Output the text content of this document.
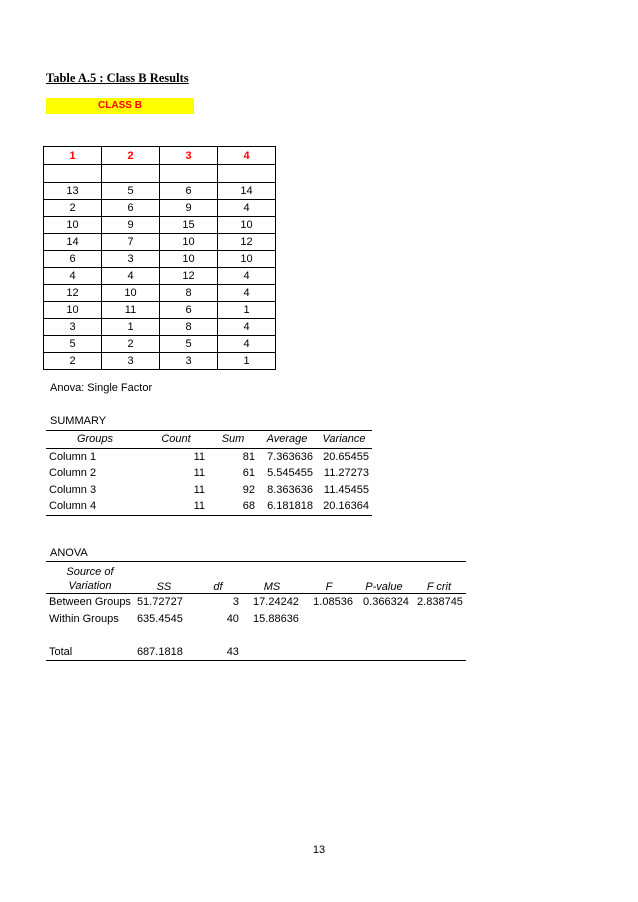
Table A.5 : Class B Results
CLASS B
1	2	3	4

13	5	6	14
2	6	9	4
10	9	15	10
14	7	10	12
6	3	10	10
4	4	12	4
12	10	8	4
10	11	6	1
3	1	8	4
5	2	5	4
2	3	3	1
Anova: Single Factor
SUMMARY
Groups	Count	Sum	Average	Variance
Column 1	11	81	7.363636	20.65455
Column 2	11	61	5.545455	11.27273
Column 3	11	92	8.363636	11.45455
Column 4	11	68	6.181818	20.16364
ANOVA
Source of
Variation	SS	df	MS	F	P-value	F crit
Between Groups	51.72727	3	17.24242	1.08536	0.366324	2.838745
Within Groups	635.4545	40	15.88636			

Total	687.1818	43				
13
